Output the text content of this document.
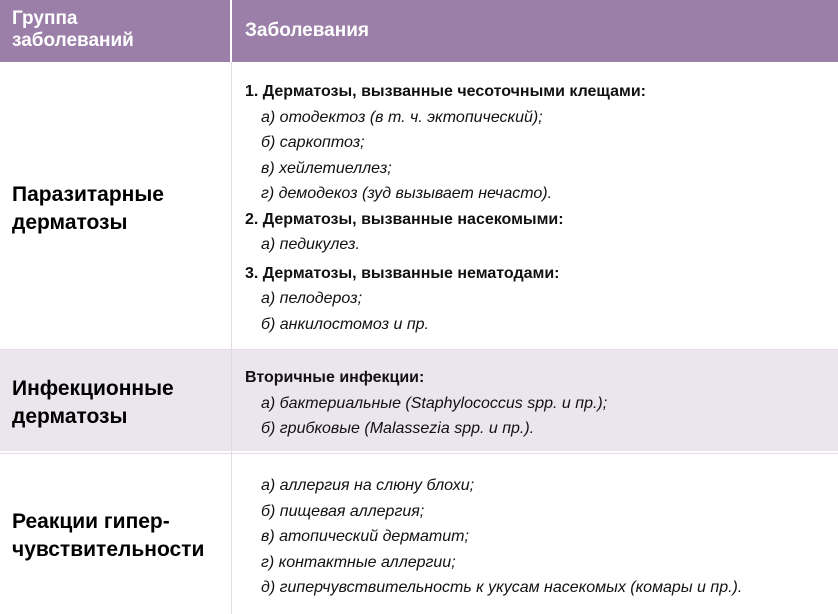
Группа
заболеваний	Заболевания
Паразитарные
дерматозы
1. Дерматозы, вызванные чесоточными клещами:
а) отодектоз (в т. ч. эктопический);
б) саркоптоз;
в) хейлетиеллез;
г) демодекоз (зуд вызывает нечасто).
2. Дерматозы, вызванные насекомыми:
а) педикулез.
3. Дерматозы, вызванные нематодами:
а) пелодероз;
б) анкилостомоз и пр.
Инфекционные
дерматозы
Вторичные инфекции:
а) бактериальные (Staphylococcus spp. и пр.);
б) грибковые (Malassezia spp. и пр.).
Реакции гипер-
чувствительности
а) аллергия на слюну блохи;
б) пищевая аллергия;
в) атопический дерматит;
г) контактные аллергии;
д) гиперчувствительность к укусам насекомых (комары и пр.).
